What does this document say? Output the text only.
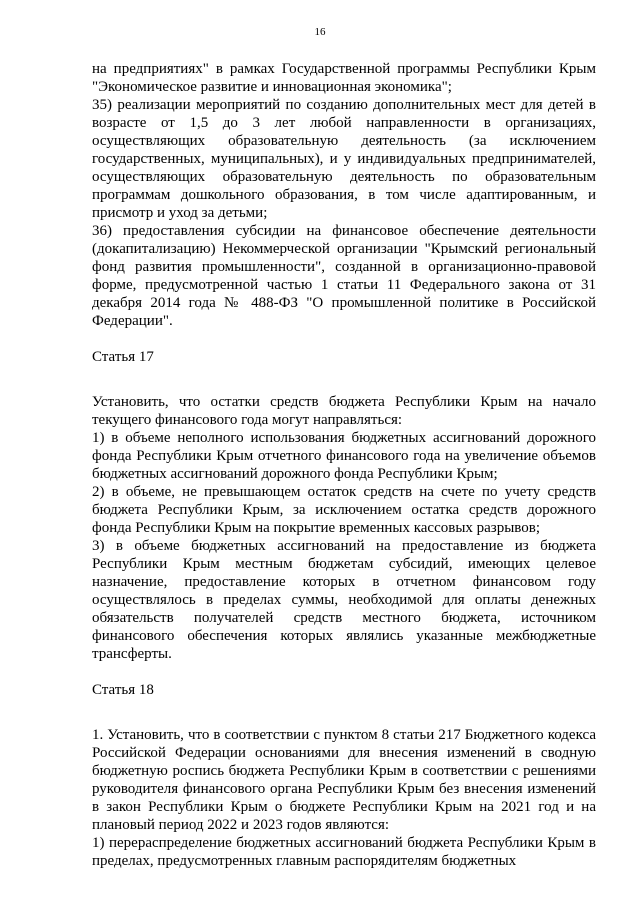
16

на предприятиях" в рамках Государственной программы Республики Крым "Экономическое развитие и инновационная экономика";

35) реализации мероприятий по созданию дополнительных мест для детей в возрасте от 1,5 до 3 лет любой направленности в организациях, осуществляющих образовательную деятельность (за исключением государственных, муниципальных), и у индивидуальных предпринимателей, осуществляющих образовательную деятельность по образовательным программам дошкольного образования, в том числе адаптированным, и присмотр и уход за детьми;

36) предоставления субсидии на финансовое обеспечение деятельности (докапитализацию) Некоммерческой организации "Крымский региональный фонд развития промышленности", созданной в организационно-правовой форме, предусмотренной частью 1 статьи 11 Федерального закона от 31 декабря 2014 года № 488-ФЗ "О промышленной политике в Российской Федерации".

Статья 17

Установить, что остатки средств бюджета Республики Крым на начало текущего финансового года могут направляться:

1) в объеме неполного использования бюджетных ассигнований дорожного фонда Республики Крым отчетного финансового года на увеличение объемов бюджетных ассигнований дорожного фонда Республики Крым;

2) в объеме, не превышающем остаток средств на счете по учету средств бюджета Республики Крым, за исключением остатка средств дорожного фонда Республики Крым на покрытие временных кассовых разрывов;

3) в объеме бюджетных ассигнований на предоставление из бюджета Республики Крым местным бюджетам субсидий, имеющих целевое назначение, предоставление которых в отчетном финансовом году осуществлялось в пределах суммы, необходимой для оплаты денежных обязательств получателей средств местного бюджета, источником финансового обеспечения которых являлись указанные межбюджетные трансферты.

Статья 18

1. Установить, что в соответствии с пунктом 8 статьи 217 Бюджетного кодекса Российской Федерации основаниями для внесения изменений в сводную бюджетную роспись бюджета Республики Крым в соответствии с решениями руководителя финансового органа Республики Крым без внесения изменений в закон Республики Крым о бюджете Республики Крым на 2021 год и на плановый период 2022 и 2023 годов являются:

1) перераспределение бюджетных ассигнований бюджета Республики Крым в пределах, предусмотренных главным распорядителям бюджетных
